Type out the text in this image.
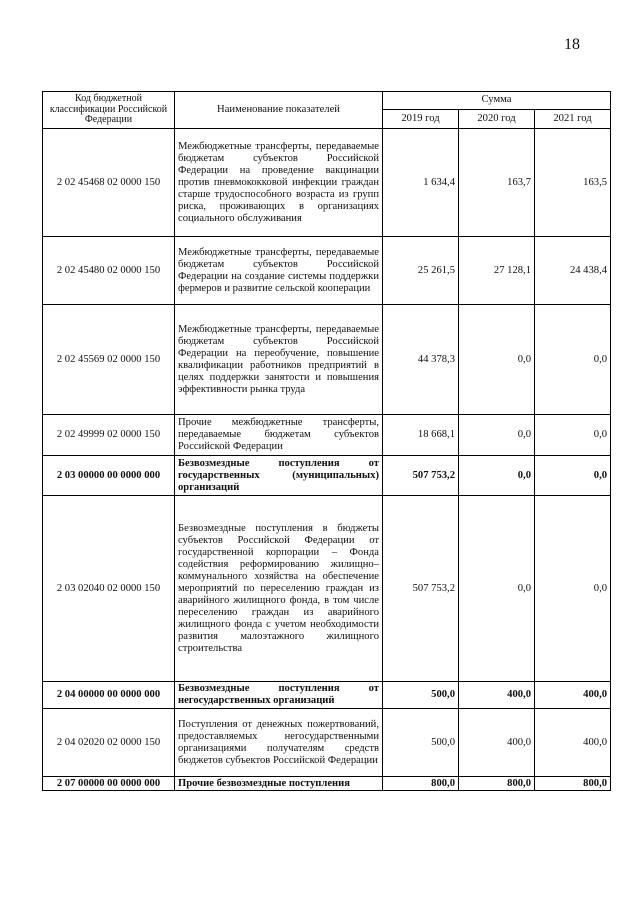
18
Код бюджетной классификации Российской Федерации	Наименование показателей	Сумма		
		2019 год	2020 год	2021 год
2 02 45468 02 0000 150	Межбюджетные трансферты, передаваемые бюджетам субъектов Российской Федерации на проведение вакцинации против пневмококковой инфекции граждан старше трудоспособного возраста из групп риска, проживающих в организациях социального обслуживания	1 634,4	163,7	163,5
2 02 45480 02 0000 150	Межбюджетные трансферты, передаваемые бюджетам субъектов Российской Федерации на создание системы поддержки фермеров и развитие сельской кооперации	25 261,5	27 128,1	24 438,4
2 02 45569 02 0000 150	Межбюджетные трансферты, передаваемые бюджетам субъектов Российской Федерации на переобучение, повышение квалификации работников предприятий в целях поддержки занятости и повышения эффективности рынка труда	44 378,3	0,0	0,0
2 02 49999 02 0000 150	Прочие межбюджетные трансферты, передаваемые бюджетам субъектов Российской Федерации	18 668,1	0,0	0,0
2 03 00000 00 0000 000	Безвозмездные поступления от государственных (муниципальных) организаций	507 753,2	0,0	0,0
2 03 02040 02 0000 150	Безвозмездные поступления в бюджеты субъектов Российской Федерации от государственной корпорации – Фонда содействия реформированию жилищно–коммунального хозяйства на обеспечение мероприятий по переселению граждан из аварийного жилищного фонда, в том числе переселению граждан из аварийного жилищного фонда с учетом необходимости развития малоэтажного жилищного строительства	507 753,2	0,0	0,0
2 04 00000 00 0000 000	Безвозмездные поступления от негосударственных организаций	500,0	400,0	400,0
2 04 02020 02 0000 150	Поступления от денежных пожертвований, предоставляемых негосударственными организациями получателям средств бюджетов субъектов Российской Федерации	500,0	400,0	400,0
2 07 00000 00 0000 000	Прочие безвозмездные поступления	800,0	800,0	800,0
